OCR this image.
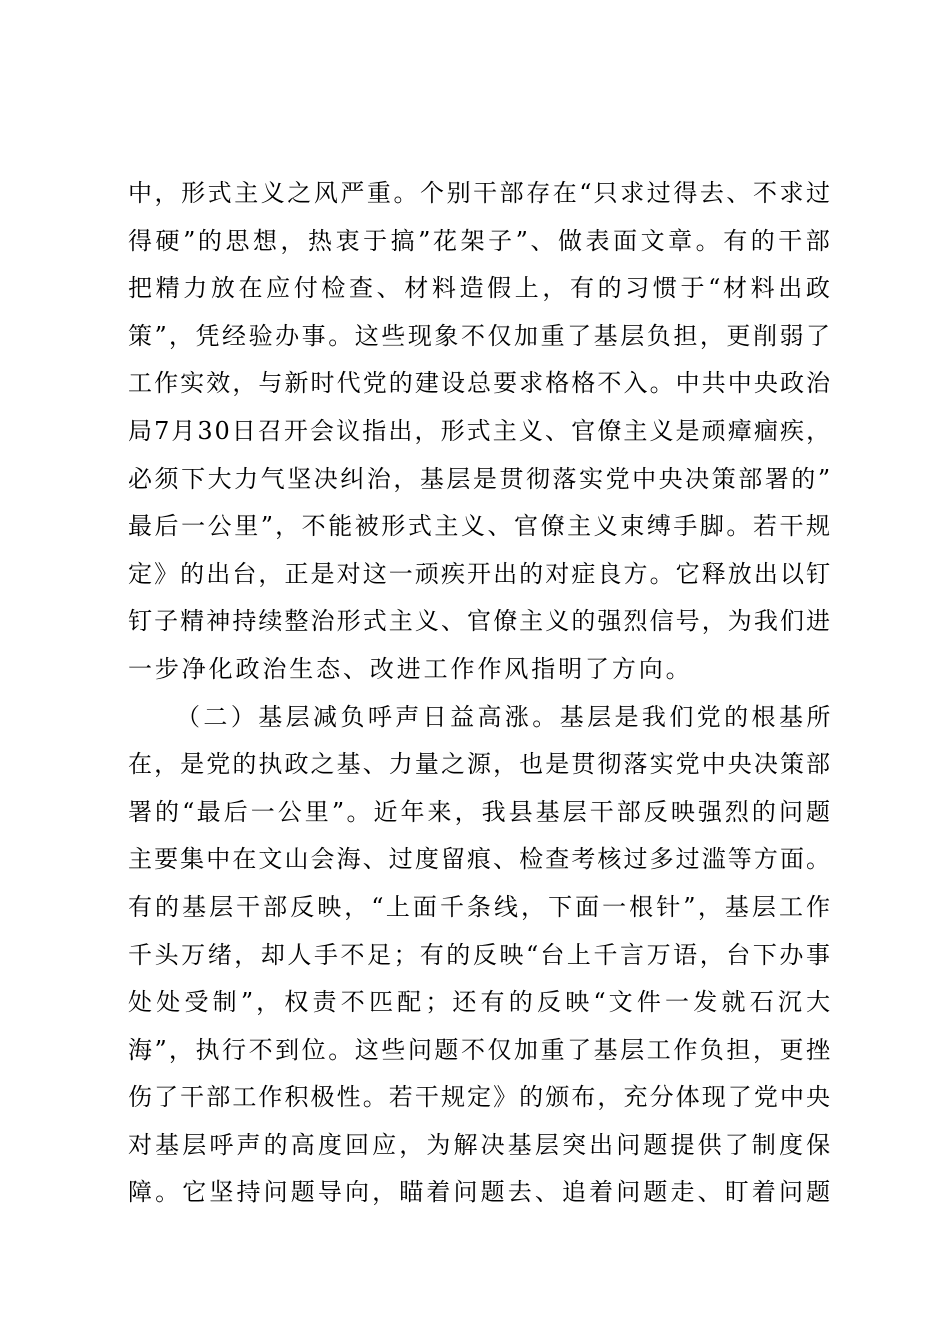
中 ， 形 式 主 义 之 风 严 重 。 个 别 干 部 存 在 “ 只 求 过 得 去 、 不 求 过
得 硬 ” 的 思 想 ， 热 衷 于 搞 ” 花 架 子 ” 、 做 表 面 文 章 。 有 的 干 部
把 精 力 放 在 应 付 检 查 、 材 料 造 假 上 ， 有 的 习 惯 于 “ 材 料 出 政
策 ” ， 凭 经 验 办 事 。 这 些 现 象 不 仅 加 重 了 基 层 负 担 ， 更 削 弱 了
工 作 实 效 ， 与 新 时 代 党 的 建 设 总 要 求 格 格 不 入 。 中 共 中 央 政 治
局 7 月 3 0 日 召 开 会 议 指 出 ， 形 式 主 义 、 官 僚 主 义 是 顽 瘴 痼 疾 ，
必 须 下 大 力 气 坚 决 纠 治 ， 基 层 是 贯 彻 落 实 党 中 央 决 策 部 署 的 ”
最 后 一 公 里 ” ， 不 能 被 形 式 主 义 、 官 僚 主 义 束 缚 手 脚 。 若 干 规
定 》 的 出 台 ， 正 是 对 这 一 顽 疾 开 出 的 对 症 良 方 。 它 释 放 出 以 钉
钉 子 精 神 持 续 整 治 形 式 主 义 、 官 僚 主 义 的 强 烈 信 号 ， 为 我 们 进
一步净化政治生态、改进工作作风指明了方向。
（ 二 ） 基 层 减 负 呼 声 日 益 高 涨 。 基 层 是 我 们 党 的 根 基 所
在 ， 是 党 的 执 政 之 基 、 力 量 之 源 ， 也 是 贯 彻 落 实 党 中 央 决 策 部
署 的 “ 最 后 一 公 里 ” 。 近 年 来 ， 我 县 基 层 干 部 反 映 强 烈 的 问 题
主 要 集 中 在 文 山 会 海 、 过 度 留 痕 、 检 查 考 核 过 多 过 滥 等 方 面 。
有 的 基 层 干 部 反 映 ， “ 上 面 千 条 线 ， 下 面 一 根 针 ” ， 基 层 工 作
千 头 万 绪 ， 却 人 手 不 足 ； 有 的 反 映 “ 台 上 千 言 万 语 ， 台 下 办 事
处 处 受 制 ” ， 权 责 不 匹 配 ； 还 有 的 反 映 “ 文 件 一 发 就 石 沉 大
海 ” ， 执 行 不 到 位 。 这 些 问 题 不 仅 加 重 了 基 层 工 作 负 担 ， 更 挫
伤 了 干 部 工 作 积 极 性 。 若 干 规 定 》 的 颁 布 ， 充 分 体 现 了 党 中 央
对 基 层 呼 声 的 高 度 回 应 ， 为 解 决 基 层 突 出 问 题 提 供 了 制 度 保
障 。 它 坚 持 问 题 导 向 ， 瞄 着 问 题 去 、 追 着 问 题 走 、 盯 着 问 题
